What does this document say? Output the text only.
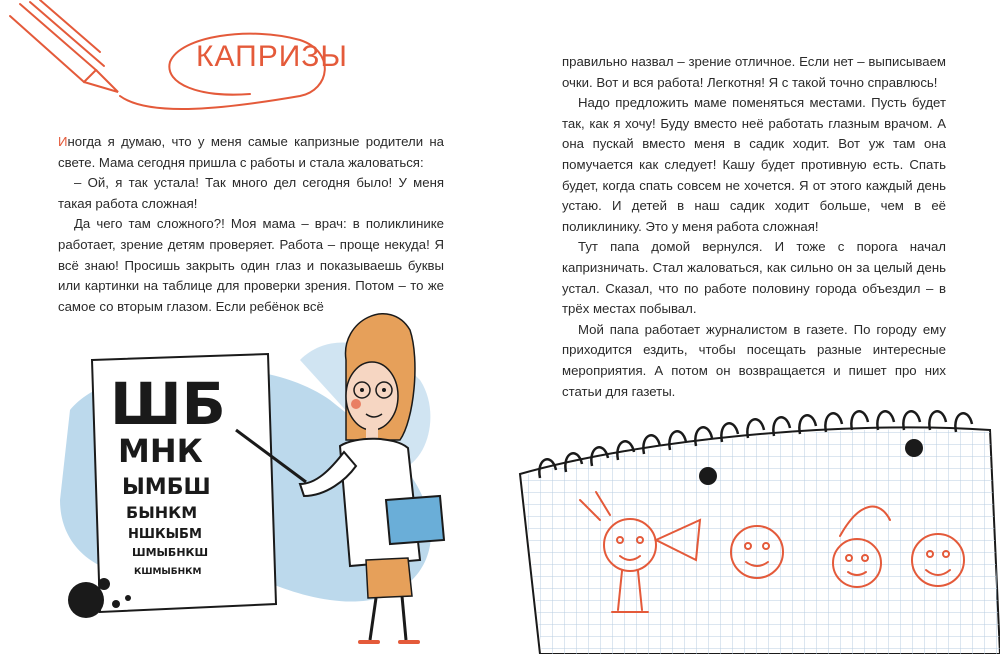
ШБ
МНК
ЫМБШ
БЫНКМ
НШКЫБМ
ШМЫБНКШ
КШМЫБНКМ
КАПРИЗЫ

Иногда я думаю, что у меня самые капризные родители на свете. Мама сегодня пришла с работы и стала жаловаться:

– Ой, я так устала! Так много дел сегодня было! У меня такая работа сложная!

Да чего там сложного?! Моя мама – врач: в поликлинике работает, зрение детям проверяет. Работа – проще некуда! Я всё знаю! Просишь закрыть один глаз и показываешь буквы или картинки на таблице для проверки зрения. Потом – то же самое со вторым глазом. Если ребёнок всё

правильно назвал – зрение отличное. Если нет – выписываем очки. Вот и вся работа! Легкотня! Я с такой точно справлюсь!

Надо предложить маме поменяться местами. Пусть будет так, как я хочу! Буду вместо неё работать глазным врачом. А она пускай вместо меня в садик ходит. Вот уж там она помучается как следует! Кашу будет противную есть. Спать будет, когда спать совсем не хочется. Я от этого каждый день устаю. И детей в наш садик ходит больше, чем в её поликлинику. Это у меня работа сложная!

Тут папа домой вернулся. И тоже с порога начал капризничать. Стал жаловаться, как сильно он за целый день устал. Сказал, что по работе половину города объездил – в трёх местах побывал.

Мой папа работает журналистом в газете. По городу ему приходится ездить, чтобы посещать разные интересные мероприятия. А потом он возвращается и пишет про них статьи для газеты.
